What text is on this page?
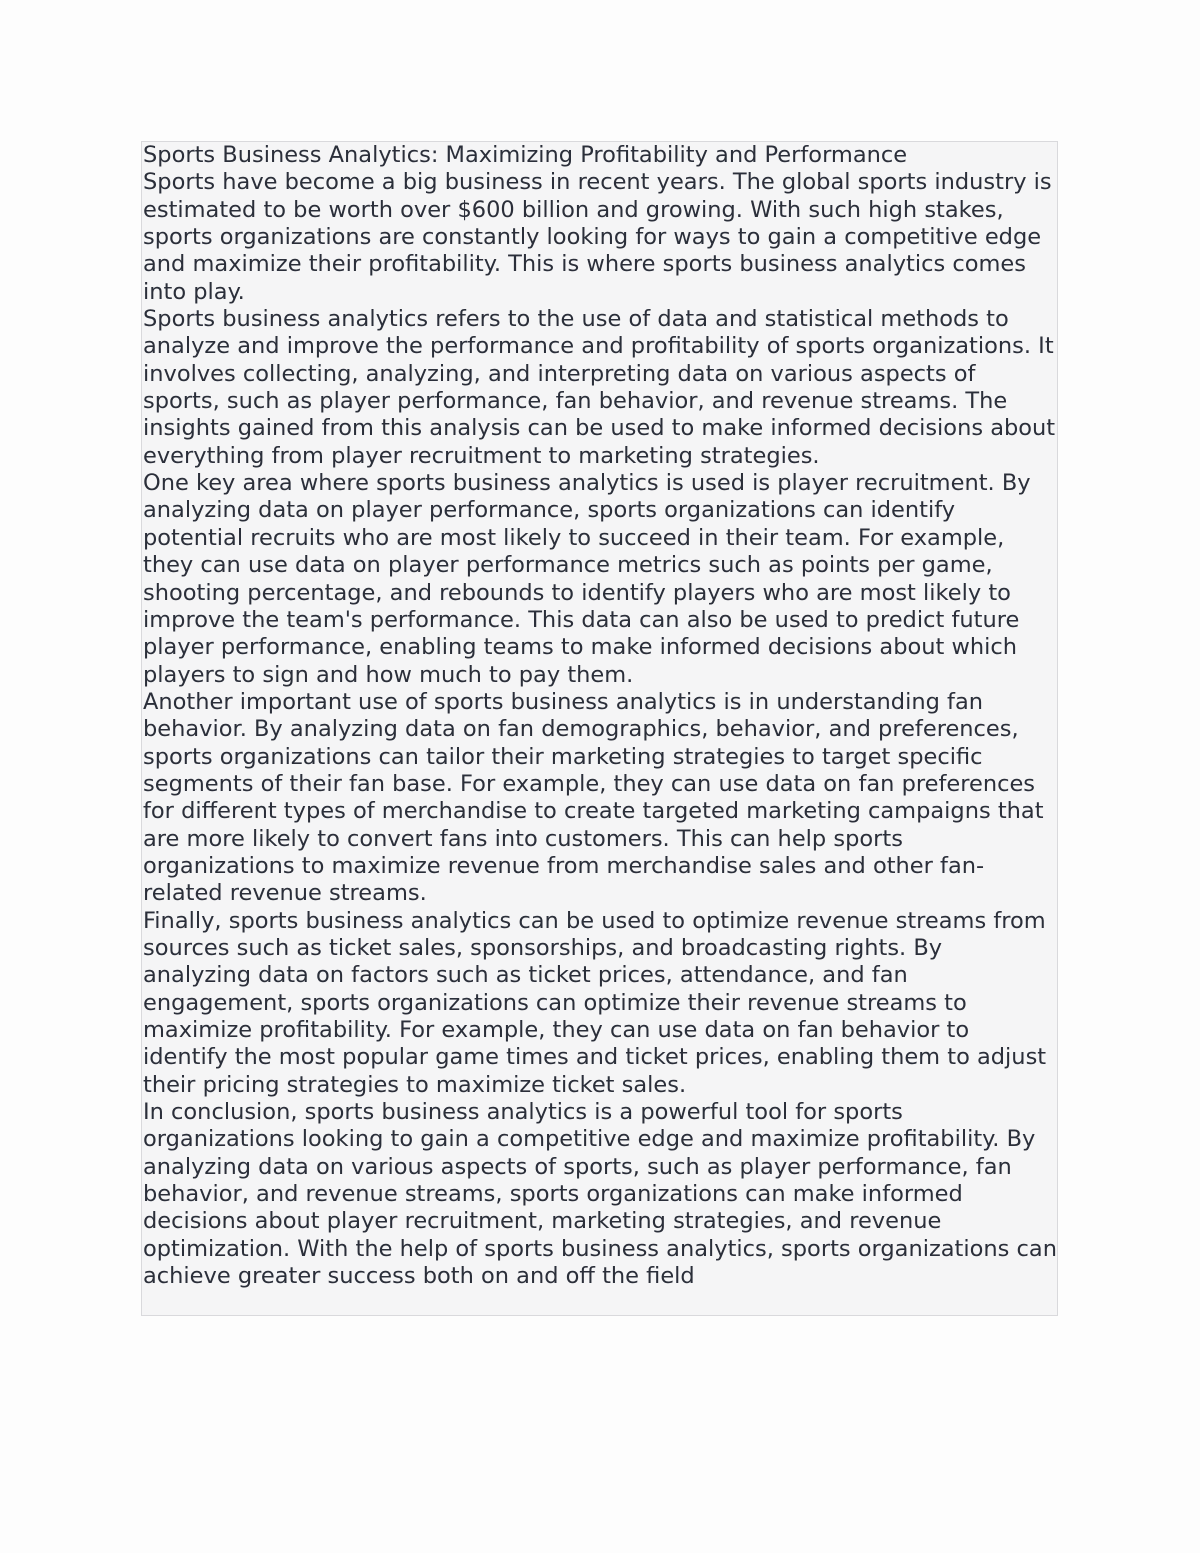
Sports Business Analytics: Maximizing Profitability and Performance

Sports have become a big business in recent years. The global sports industry is estimated to be worth over $600 billion and growing. With such high stakes, sports organizations are constantly looking for ways to gain a competitive edge and maximize their profitability. This is where sports business analytics comes into play.

Sports business analytics refers to the use of data and statistical methods to analyze and improve the performance and profitability of sports organizations. It involves collecting, analyzing, and interpreting data on various aspects of sports, such as player performance, fan behavior, and revenue streams. The insights gained from this analysis can be used to make informed decisions about everything from player recruitment to marketing strategies.

One key area where sports business analytics is used is player recruitment. By analyzing data on player performance, sports organizations can identify potential recruits who are most likely to succeed in their team. For example, they can use data on player performance metrics such as points per game, shooting percentage, and rebounds to identify players who are most likely to improve the team's performance. This data can also be used to predict future player performance, enabling teams to make informed decisions about which players to sign and how much to pay them.

Another important use of sports business analytics is in understanding fan behavior. By analyzing data on fan demographics, behavior, and preferences, sports organizations can tailor their marketing strategies to target specific segments of their fan base. For example, they can use data on fan preferences for different types of merchandise to create targeted marketing campaigns that are more likely to convert fans into customers. This can help sports organizations to maximize revenue from merchandise sales and other fan-related revenue streams.

Finally, sports business analytics can be used to optimize revenue streams from sources such as ticket sales, sponsorships, and broadcasting rights. By analyzing data on factors such as ticket prices, attendance, and fan engagement, sports organizations can optimize their revenue streams to maximize profitability. For example, they can use data on fan behavior to identify the most popular game times and ticket prices, enabling them to adjust their pricing strategies to maximize ticket sales.

In conclusion, sports business analytics is a powerful tool for sports organizations looking to gain a competitive edge and maximize profitability. By analyzing data on various aspects of sports, such as player performance, fan behavior, and revenue streams, sports organizations can make informed decisions about player recruitment, marketing strategies, and revenue optimization. With the help of sports business analytics, sports organizations can achieve greater success both on and off the field
